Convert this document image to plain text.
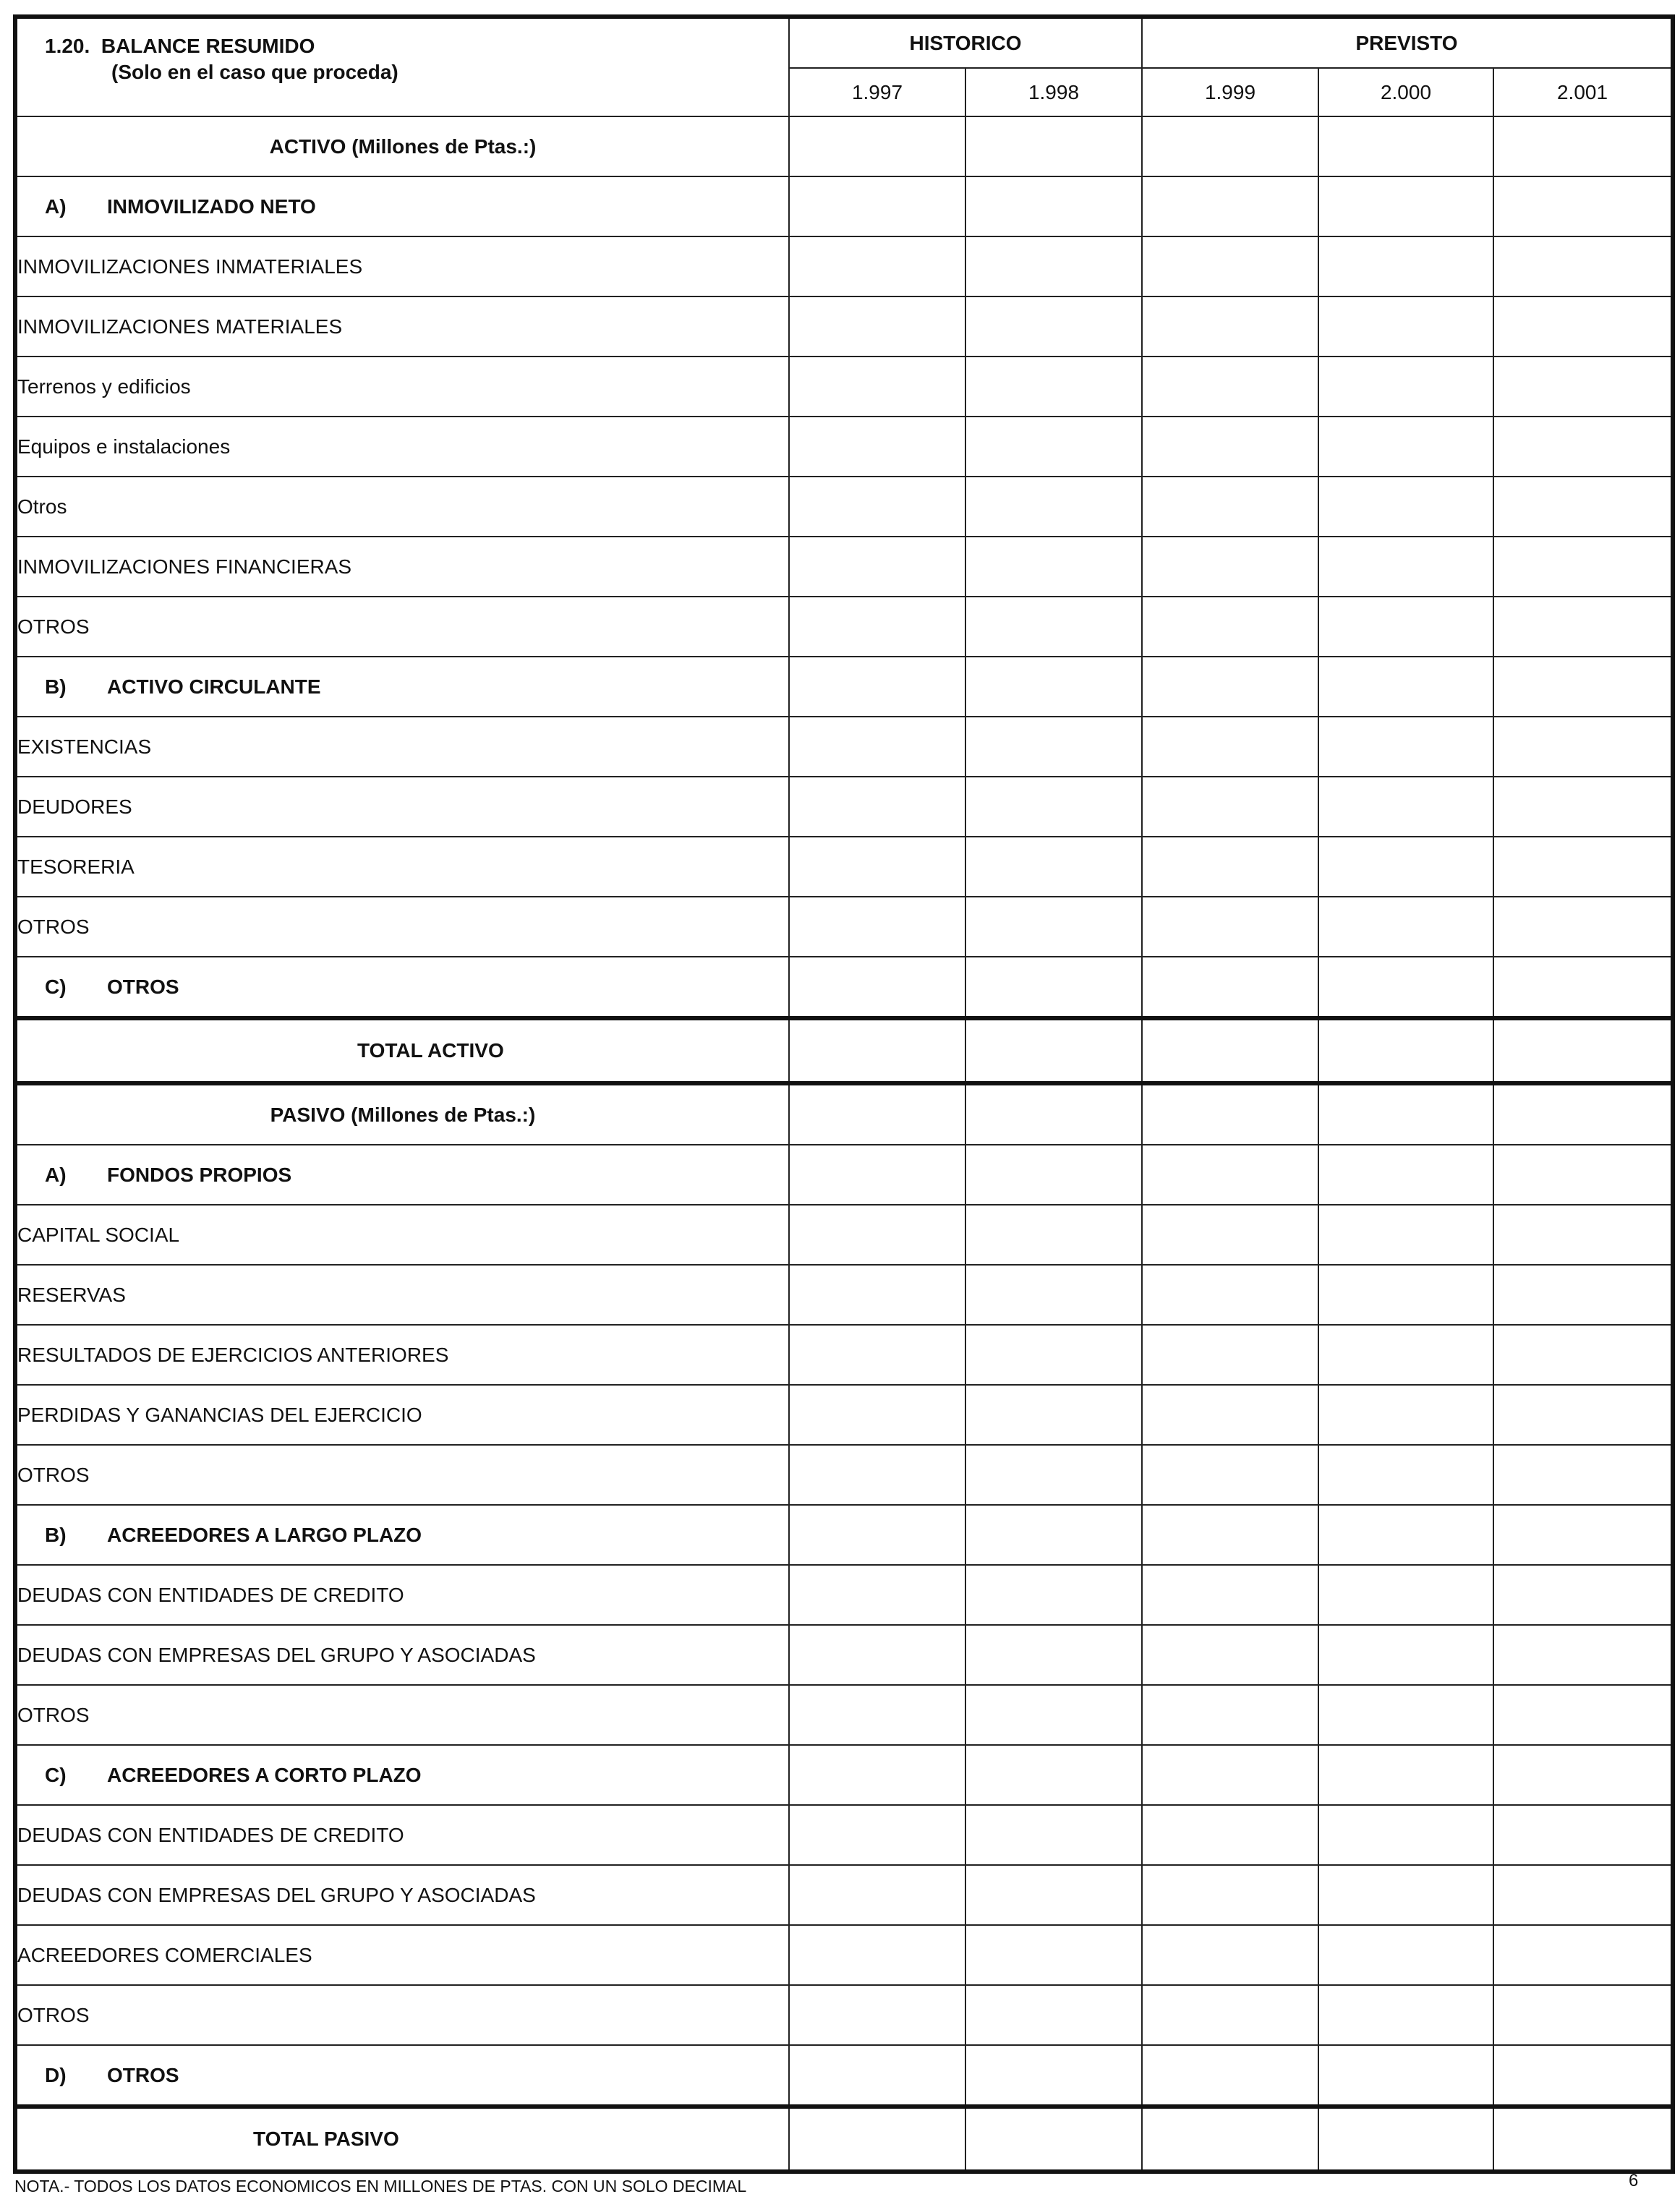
1.20. BALANCE RESUMIDO
(Solo en el caso que proceda)	HISTORICO		PREVISTO		
	1.997	1.998	1.999	2.000	2.001
ACTIVO (Millones de Ptas.:)					
A) INMOVILIZADO NETO					
INMOVILIZACIONES INMATERIALES					
INMOVILIZACIONES MATERIALES					
Terrenos y edificios					
Equipos e instalaciones					
Otros					
INMOVILIZACIONES FINANCIERAS					
OTROS					
B) ACTIVO CIRCULANTE					
EXISTENCIAS					
DEUDORES					
TESORERIA					
OTROS					
C) OTROS					
TOTAL ACTIVO					
PASIVO (Millones de Ptas.:)					
A) FONDOS PROPIOS					
CAPITAL SOCIAL					
RESERVAS					
RESULTADOS DE EJERCICIOS ANTERIORES					
PERDIDAS Y GANANCIAS DEL EJERCICIO					
OTROS					
B) ACREEDORES A LARGO PLAZO					
DEUDAS CON ENTIDADES DE CREDITO					
DEUDAS CON EMPRESAS DEL GRUPO Y ASOCIADAS					
OTROS					
C) ACREEDORES A CORTO PLAZO					
DEUDAS CON ENTIDADES DE CREDITO					
DEUDAS CON EMPRESAS DEL GRUPO Y ASOCIADAS					
ACREEDORES COMERCIALES					
OTROS					
D) OTROS					
TOTAL PASIVO					
NOTA.- TODOS LOS DATOS ECONOMICOS EN MILLONES DE PTAS. CON UN SOLO DECIMAL	6
